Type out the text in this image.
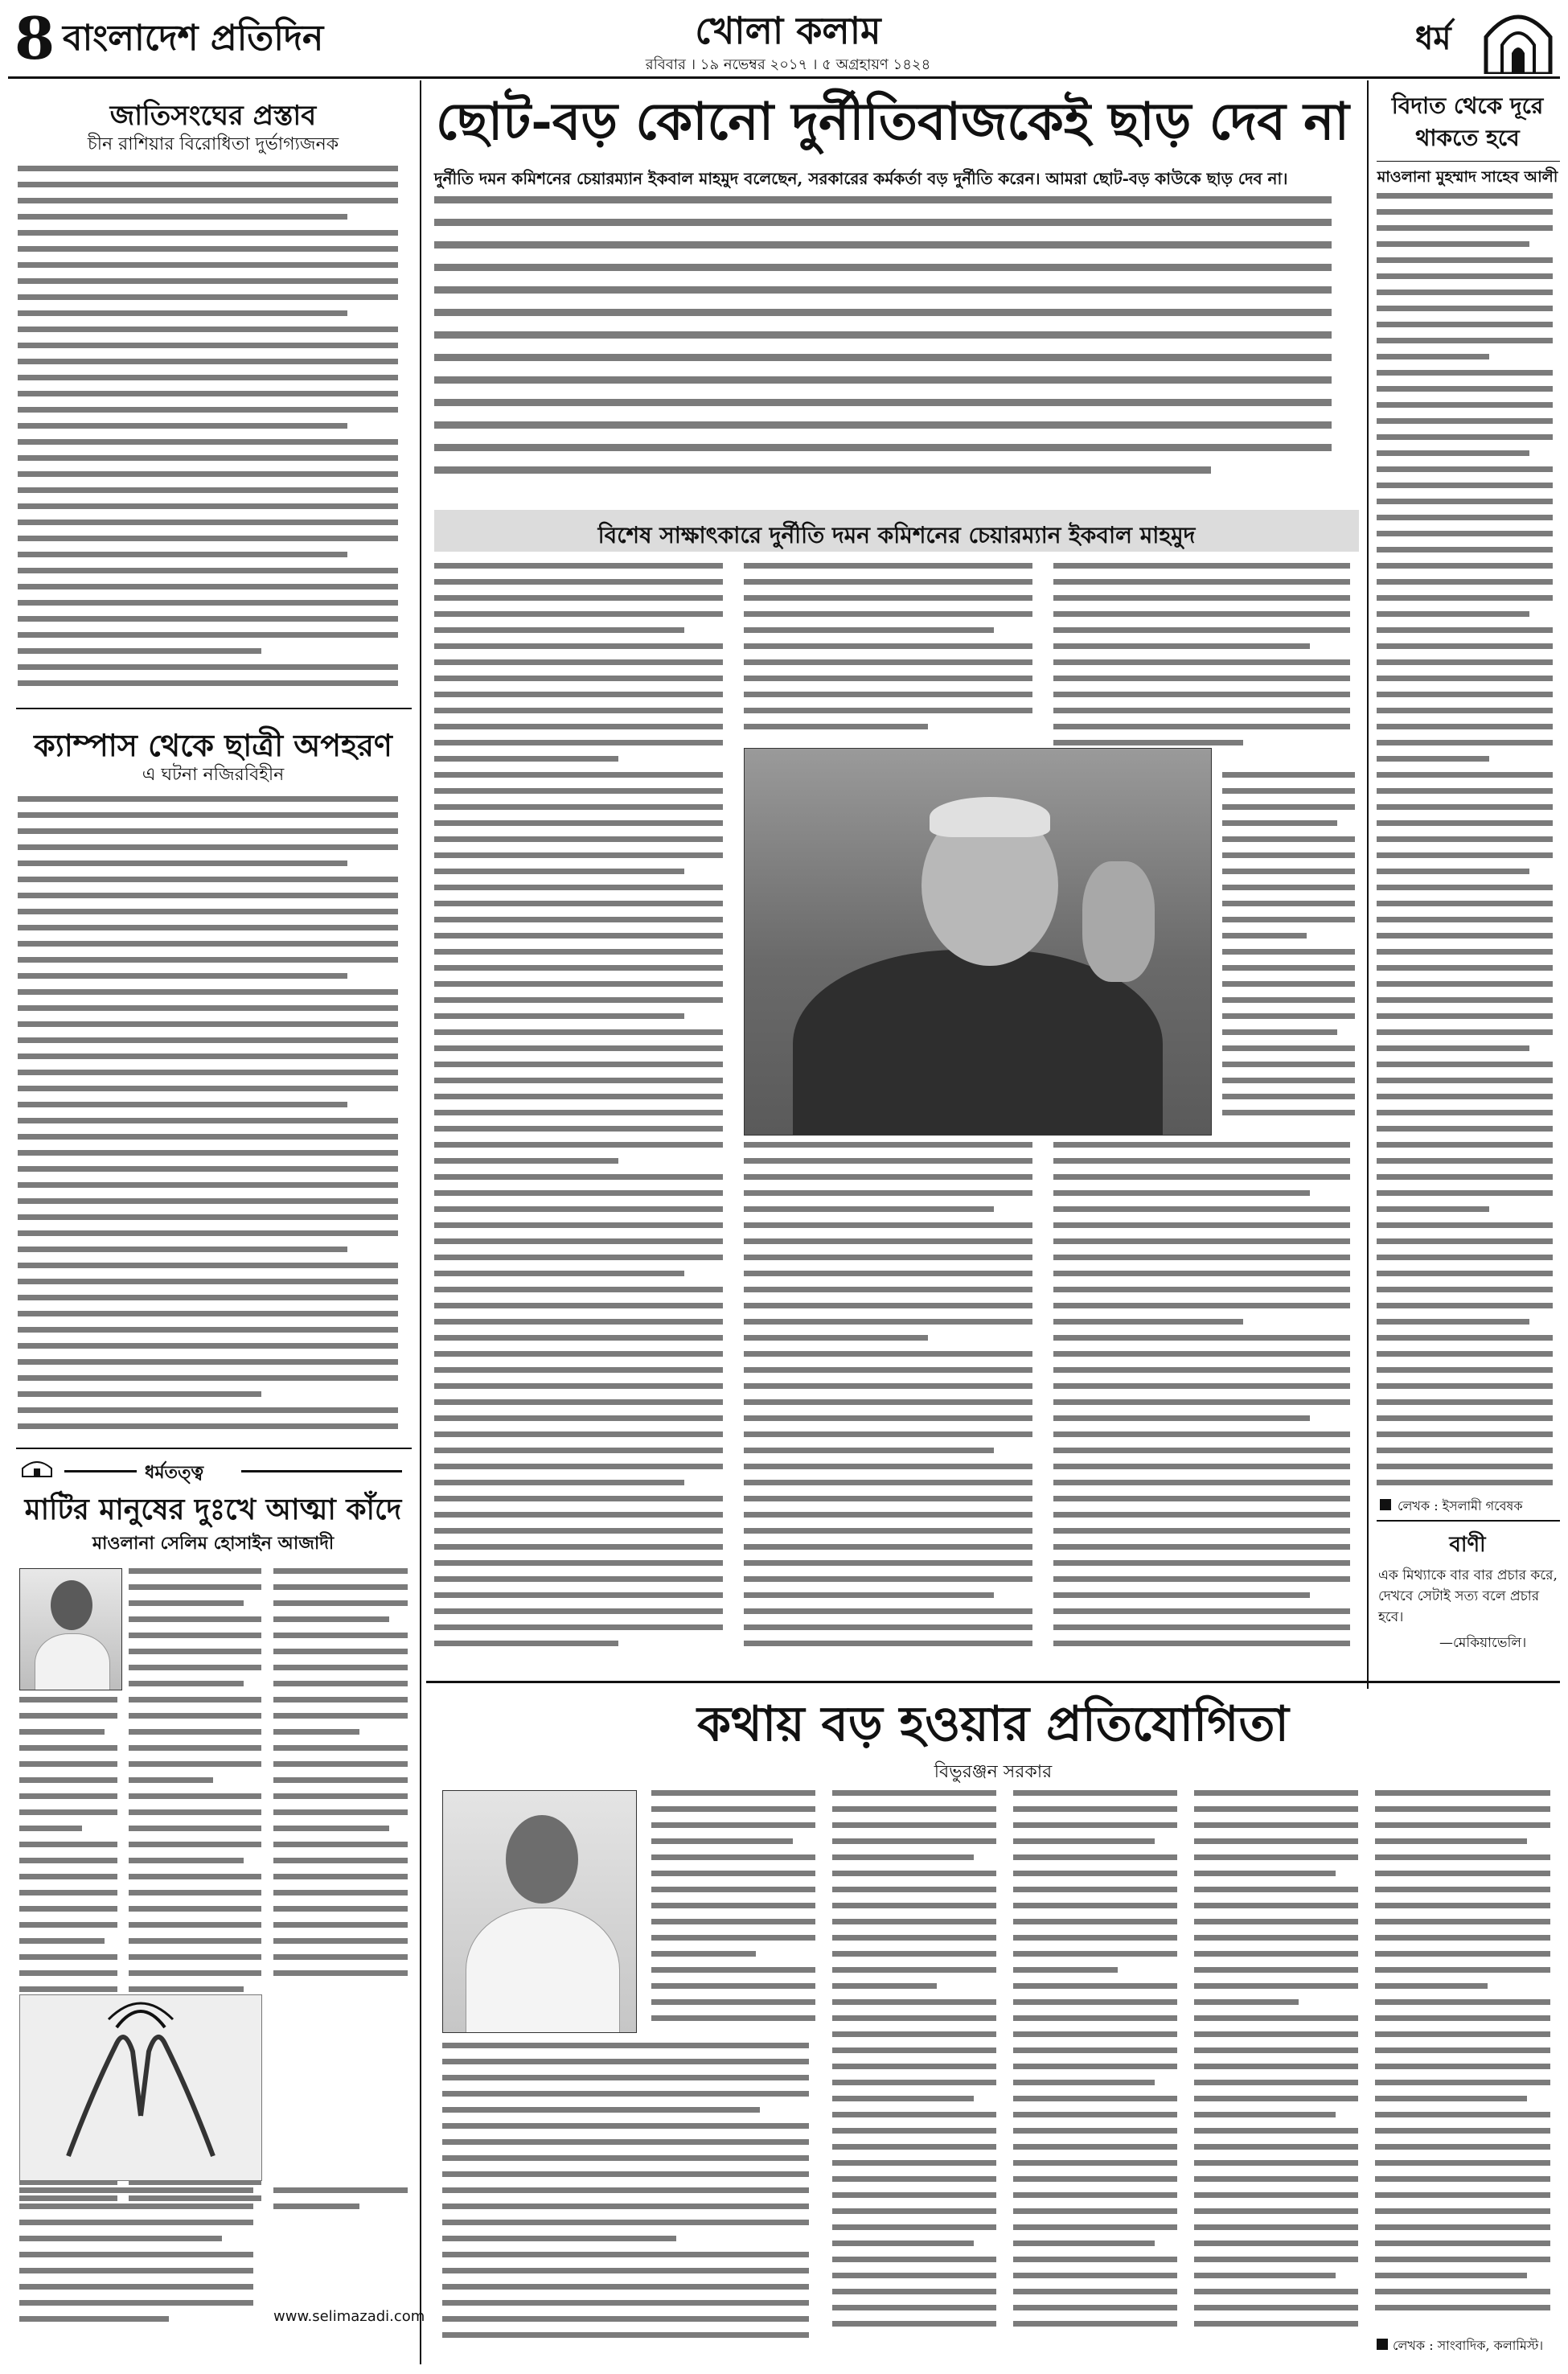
8 বাংলাদেশ প্রতিদিন	খোলা কলাম
রবিবার । ১৯ নভেম্বর ২০১৭ । ৫ অগ্রহায়ণ ১৪২৪
ধর্ম
জাতিসংঘের প্রস্তাব
চীন রাশিয়ার বিরোধিতা দুর্ভাগ্যজনক
ক্যাম্পাস থেকে ছাত্রী অপহরণ
এ ঘটনা নজিরবিহীন
ধর্মতত্ত্ব
মাটির মানুষের দুঃখে আত্মা কাঁদে
মাওলানা সেলিম হোসাইন আজাদী
www.selimazadi.com
ছোট-বড় কোনো দুর্নীতিবাজকেই ছাড় দেব না
দুর্নীতি দমন কমিশনের চেয়ারম্যান ইকবাল মাহমুদ বলেছেন, সরকারের কর্মকর্তা বড় দুর্নীতি করেন। আমরা ছোট-বড় কাউকে ছাড় দেব না।
বিশেষ সাক্ষাৎকারে দুর্নীতি দমন কমিশনের চেয়ারম্যান ইকবাল মাহমুদ
বিদাত থেকে দূরে থাকতে হবে
মাওলানা মুহম্মাদ সাহেব আলী
লেখক : ইসলামী গবেষক
বাণী
এক মিথ্যাকে বার বার প্রচার করে, দেখবে সেটাই সত্য বলে প্রচার হবে।
—মেকিয়াভেলি।
কথায় বড় হওয়ার প্রতিযোগিতা
বিভুরঞ্জন সরকার
লেখক : সাংবাদিক, কলামিস্ট।
